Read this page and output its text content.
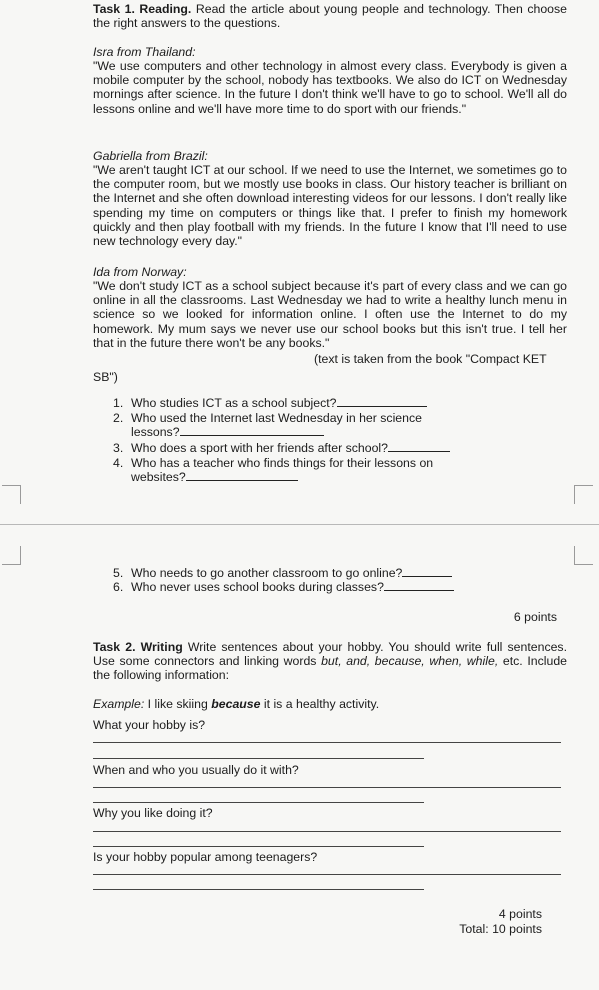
Task 1. Reading. Read the article about young people and technology. Then choose the right answers to the questions.
Isra from Thailand:
"We use computers and other technology in almost every class. Everybody is given a mobile computer by the school, nobody has textbooks. We also do ICT on Wednesday mornings after science. In the future I don't think we'll have to go to school. We'll all do lessons online and we'll have more time to do sport with our friends."
Gabriella from Brazil:
"We aren't taught ICT at our school. If we need to use the Internet, we sometimes go to the computer room, but we mostly use books in class. Our history teacher is brilliant on the Internet and she often download interesting videos for our lessons. I don't really like spending my time on computers or things like that. I prefer to finish my homework quickly and then play football with my friends. In the future I know that I'll need to use new technology every day."
Ida from Norway:
"We don't study ICT as a school subject because it's part of every class and we can go online in all the classrooms. Last Wednesday we had to write a healthy lunch menu in science so we looked for information online. I often use the Internet to do my homework. My mum says we never use our school books but this isn't true. I tell her that in the future there won't be any books."
(text is taken from the book "Compact KET
SB")
1. Who studies ICT as a school subject?
2. Who used the Internet last Wednesday in her science
lessons?
3. Who does a sport with her friends after school?
4. Who has a teacher who finds things for their lessons on
websites?
5. Who needs to go another classroom to go online?
6. Who never uses school books during classes?
6 points
Task 2. Writing Write sentences about your hobby. You should write full sentences. Use some connectors and linking words but, and, because, when, while, etc. Include the following information:
Example: I like skiing because it is a healthy activity.
What your hobby is?
When and who you usually do it with?
Why you like doing it?
Is your hobby popular among teenagers?
4 points
Total: 10 points
